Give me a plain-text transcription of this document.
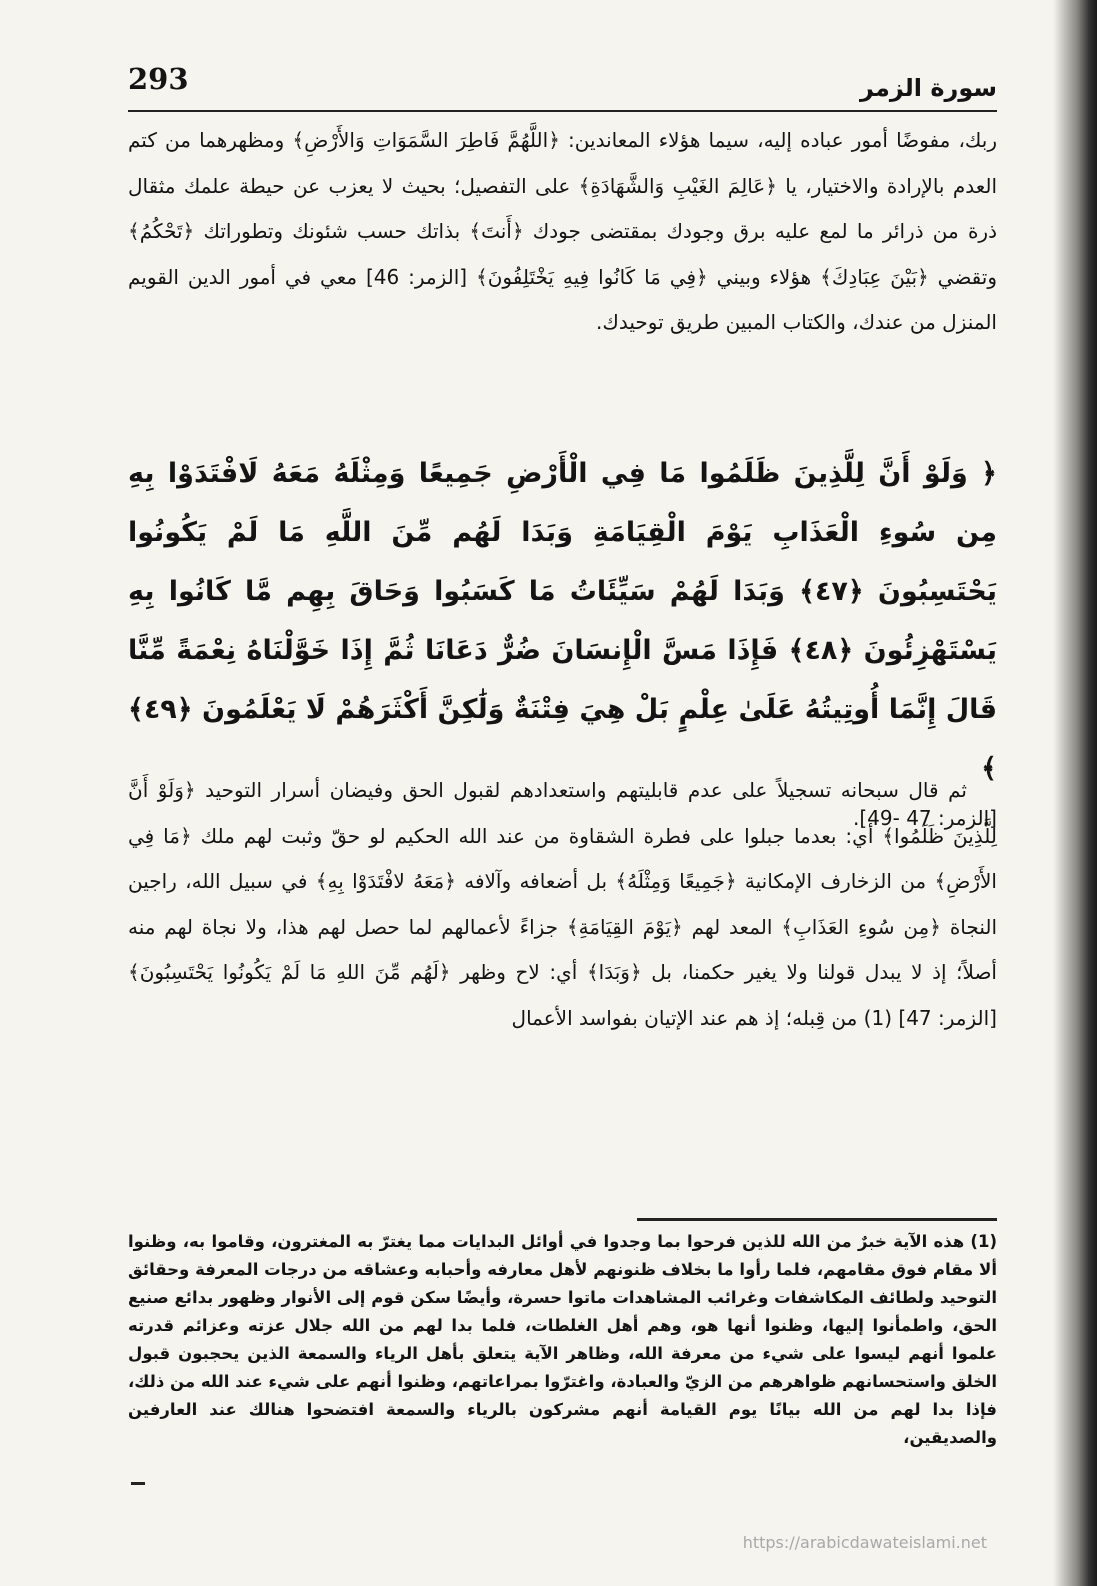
293	سورة الزمر

ربك، مفوضًا أمور عباده إليه، سيما هؤلاء المعاندين: ﴿اللَّهُمَّ فَاطِرَ السَّمَوَاتِ وَالأَرْضِ﴾ ومظهرهما من كتم العدم بالإرادة والاختيار، يا ﴿عَالِمَ الغَيْبِ وَالشَّهَادَةِ﴾ على التفصيل؛ بحيث لا يعزب عن حيطة علمك مثقال ذرة من ذرائر ما لمع عليه برق وجودك بمقتضى جودك ﴿أَنتَ﴾ بذاتك حسب شئونك وتطوراتك ﴿تَحْكُمُ﴾ وتقضي ﴿بَيْنَ عِبَادِكَ﴾ هؤلاء وبيني ﴿فِي مَا كَانُوا فِيهِ يَخْتَلِفُونَ﴾ [الزمر: 46] معي في أمور الدين القويم المنزل من عندك، والكتاب المبين طريق توحيدك.

﴿ وَلَوْ أَنَّ لِلَّذِينَ ظَلَمُوا مَا فِي الْأَرْضِ جَمِيعًا وَمِثْلَهُ مَعَهُ لَافْتَدَوْا بِهِ مِن سُوءِ الْعَذَابِ يَوْمَ الْقِيَامَةِ وَبَدَا لَهُم مِّنَ اللَّهِ مَا لَمْ يَكُونُوا يَحْتَسِبُونَ ﴿٤٧﴾ وَبَدَا لَهُمْ سَيِّئَاتُ مَا كَسَبُوا وَحَاقَ بِهِم مَّا كَانُوا بِهِ يَسْتَهْزِئُونَ ﴿٤٨﴾ فَإِذَا مَسَّ الْإِنسَانَ ضُرٌّ دَعَانَا ثُمَّ إِذَا خَوَّلْنَاهُ نِعْمَةً مِّنَّا قَالَ إِنَّمَا أُوتِيتُهُ عَلَىٰ عِلْمٍ بَلْ هِيَ فِتْنَةٌ وَلَٰكِنَّ أَكْثَرَهُمْ لَا يَعْلَمُونَ ﴿٤٩﴾ ﴾

[الزمر: 47 -49].

ثم قال سبحانه تسجيلاً على عدم قابليتهم واستعدادهم لقبول الحق وفيضان أسرار التوحيد ﴿وَلَوْ أَنَّ لِلَّذِينَ ظَلَمُوا﴾ أي: بعدما جبلوا على فطرة الشقاوة من عند الله الحكيم لو حقّ وثبت لهم ملك ﴿مَا فِي الأَرْضِ﴾ من الزخارف الإمكانية ﴿جَمِيعًا وَمِثْلَهُ﴾ بل أضعافه وآلافه ﴿مَعَهُ لافْتَدَوْا بِهِ﴾ في سبيل الله، راجين النجاة ﴿مِن سُوءِ العَذَابِ﴾ المعد لهم ﴿يَوْمَ القِيَامَةِ﴾ جزاءً لأعمالهم لما حصل لهم هذا، ولا نجاة لهم منه أصلاً؛ إذ لا يبدل قولنا ولا يغير حكمنا، بل ﴿وَبَدَا﴾ أي: لاح وظهر ﴿لَهُم مِّنَ اللهِ مَا لَمْ يَكُونُوا يَحْتَسِبُونَ﴾ [الزمر: 47] (1) من قِبله؛ إذ هم عند الإتيان بفواسد الأعمال

(1) هذه الآية خبرٌ من الله للذين فرحوا بما وجدوا في أوائل البدايات مما يغترّ به المغترون، وقاموا به، وظنوا ألا مقام فوق مقامهم، فلما رأوا ما بخلاف ظنونهم لأهل معارفه وأحبابه وعشاقه من درجات المعرفة وحقائق التوحيد ولطائف المكاشفات وغرائب المشاهدات ماتوا حسرة، وأيضًا سكن قوم إلى الأنوار وظهور بدائع صنيع الحق، واطمأنوا إليها، وظنوا أنها هو، وهم أهل الغلطات، فلما بدا لهم من الله جلال عزته وعزائم قدرته علموا أنهم ليسوا على شيء من معرفة الله، وظاهر الآية يتعلق بأهل الرياء والسمعة الذين يحجبون قبول الخلق واستحسانهم ظواهرهم من الزيّ والعبادة، واغترّوا بمراعاتهم، وظنوا أنهم على شيء عند الله من ذلك، فإذا بدا لهم من الله بيانًا يوم القيامة أنهم مشركون بالرياء والسمعة افتضحوا هنالك عند العارفين والصديقين،

https://arabicdawateislami.net
